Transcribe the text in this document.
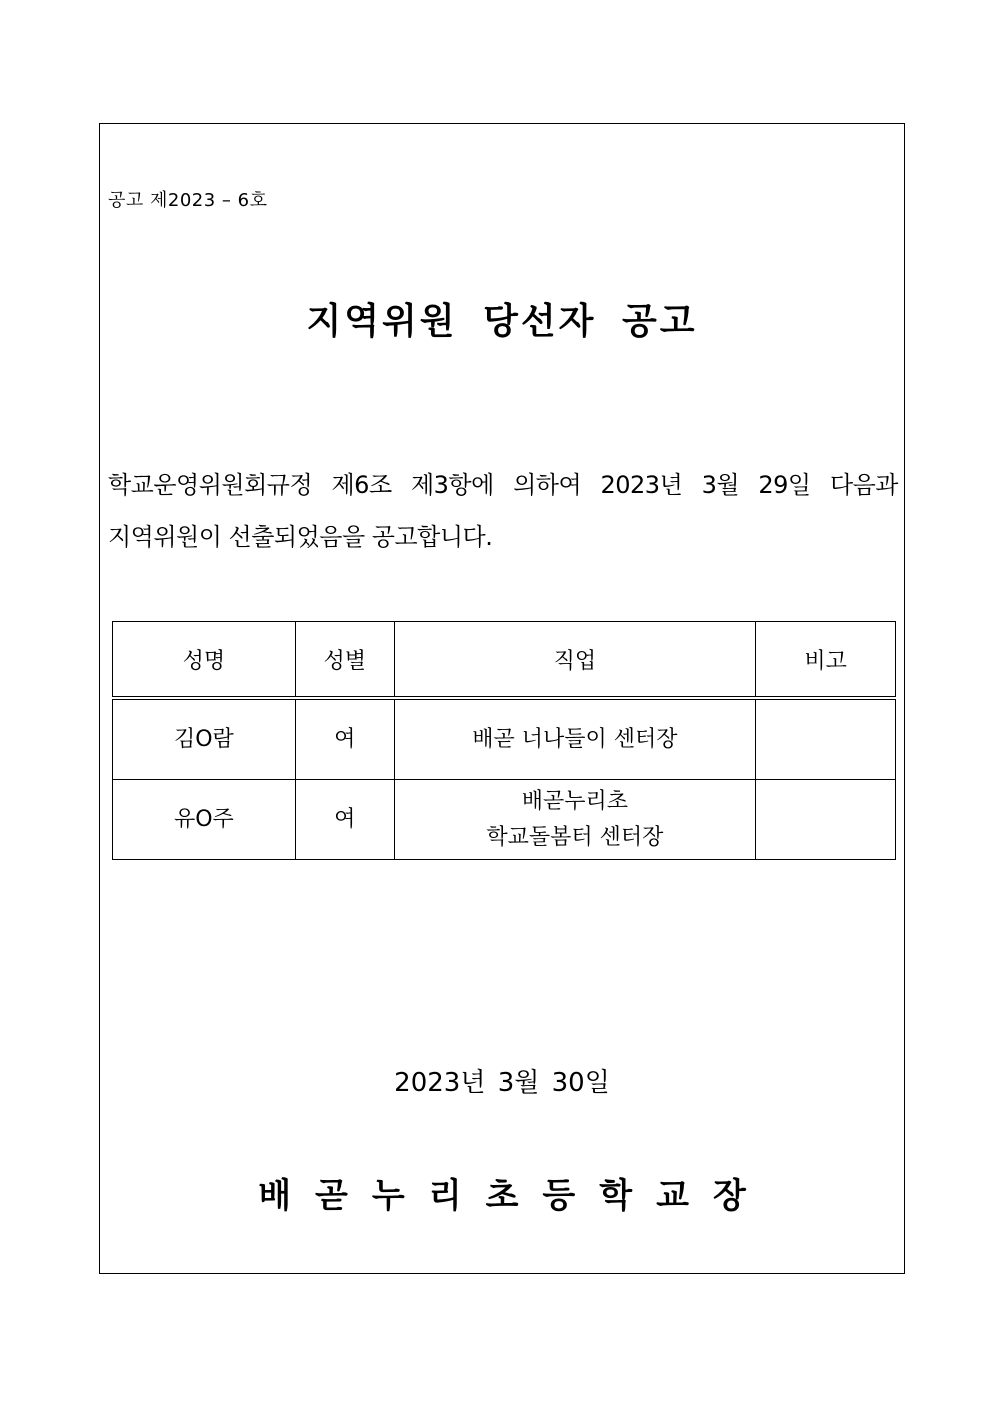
공고 제2023 – 6호
지역위원 당선자 공고
학교운영위원회규정 제6조 제3항에 의하여 2023년 3월 29일 다음과
지역위원이 선출되었음을 공고합니다.
성명	성별	직업	비고
김O람	여	배곧 너나들이 센터장	

유O주	여	배곧누리초
학교돌봄터 센터장	

2023년 3월 30일
배곧누리초등학교장
